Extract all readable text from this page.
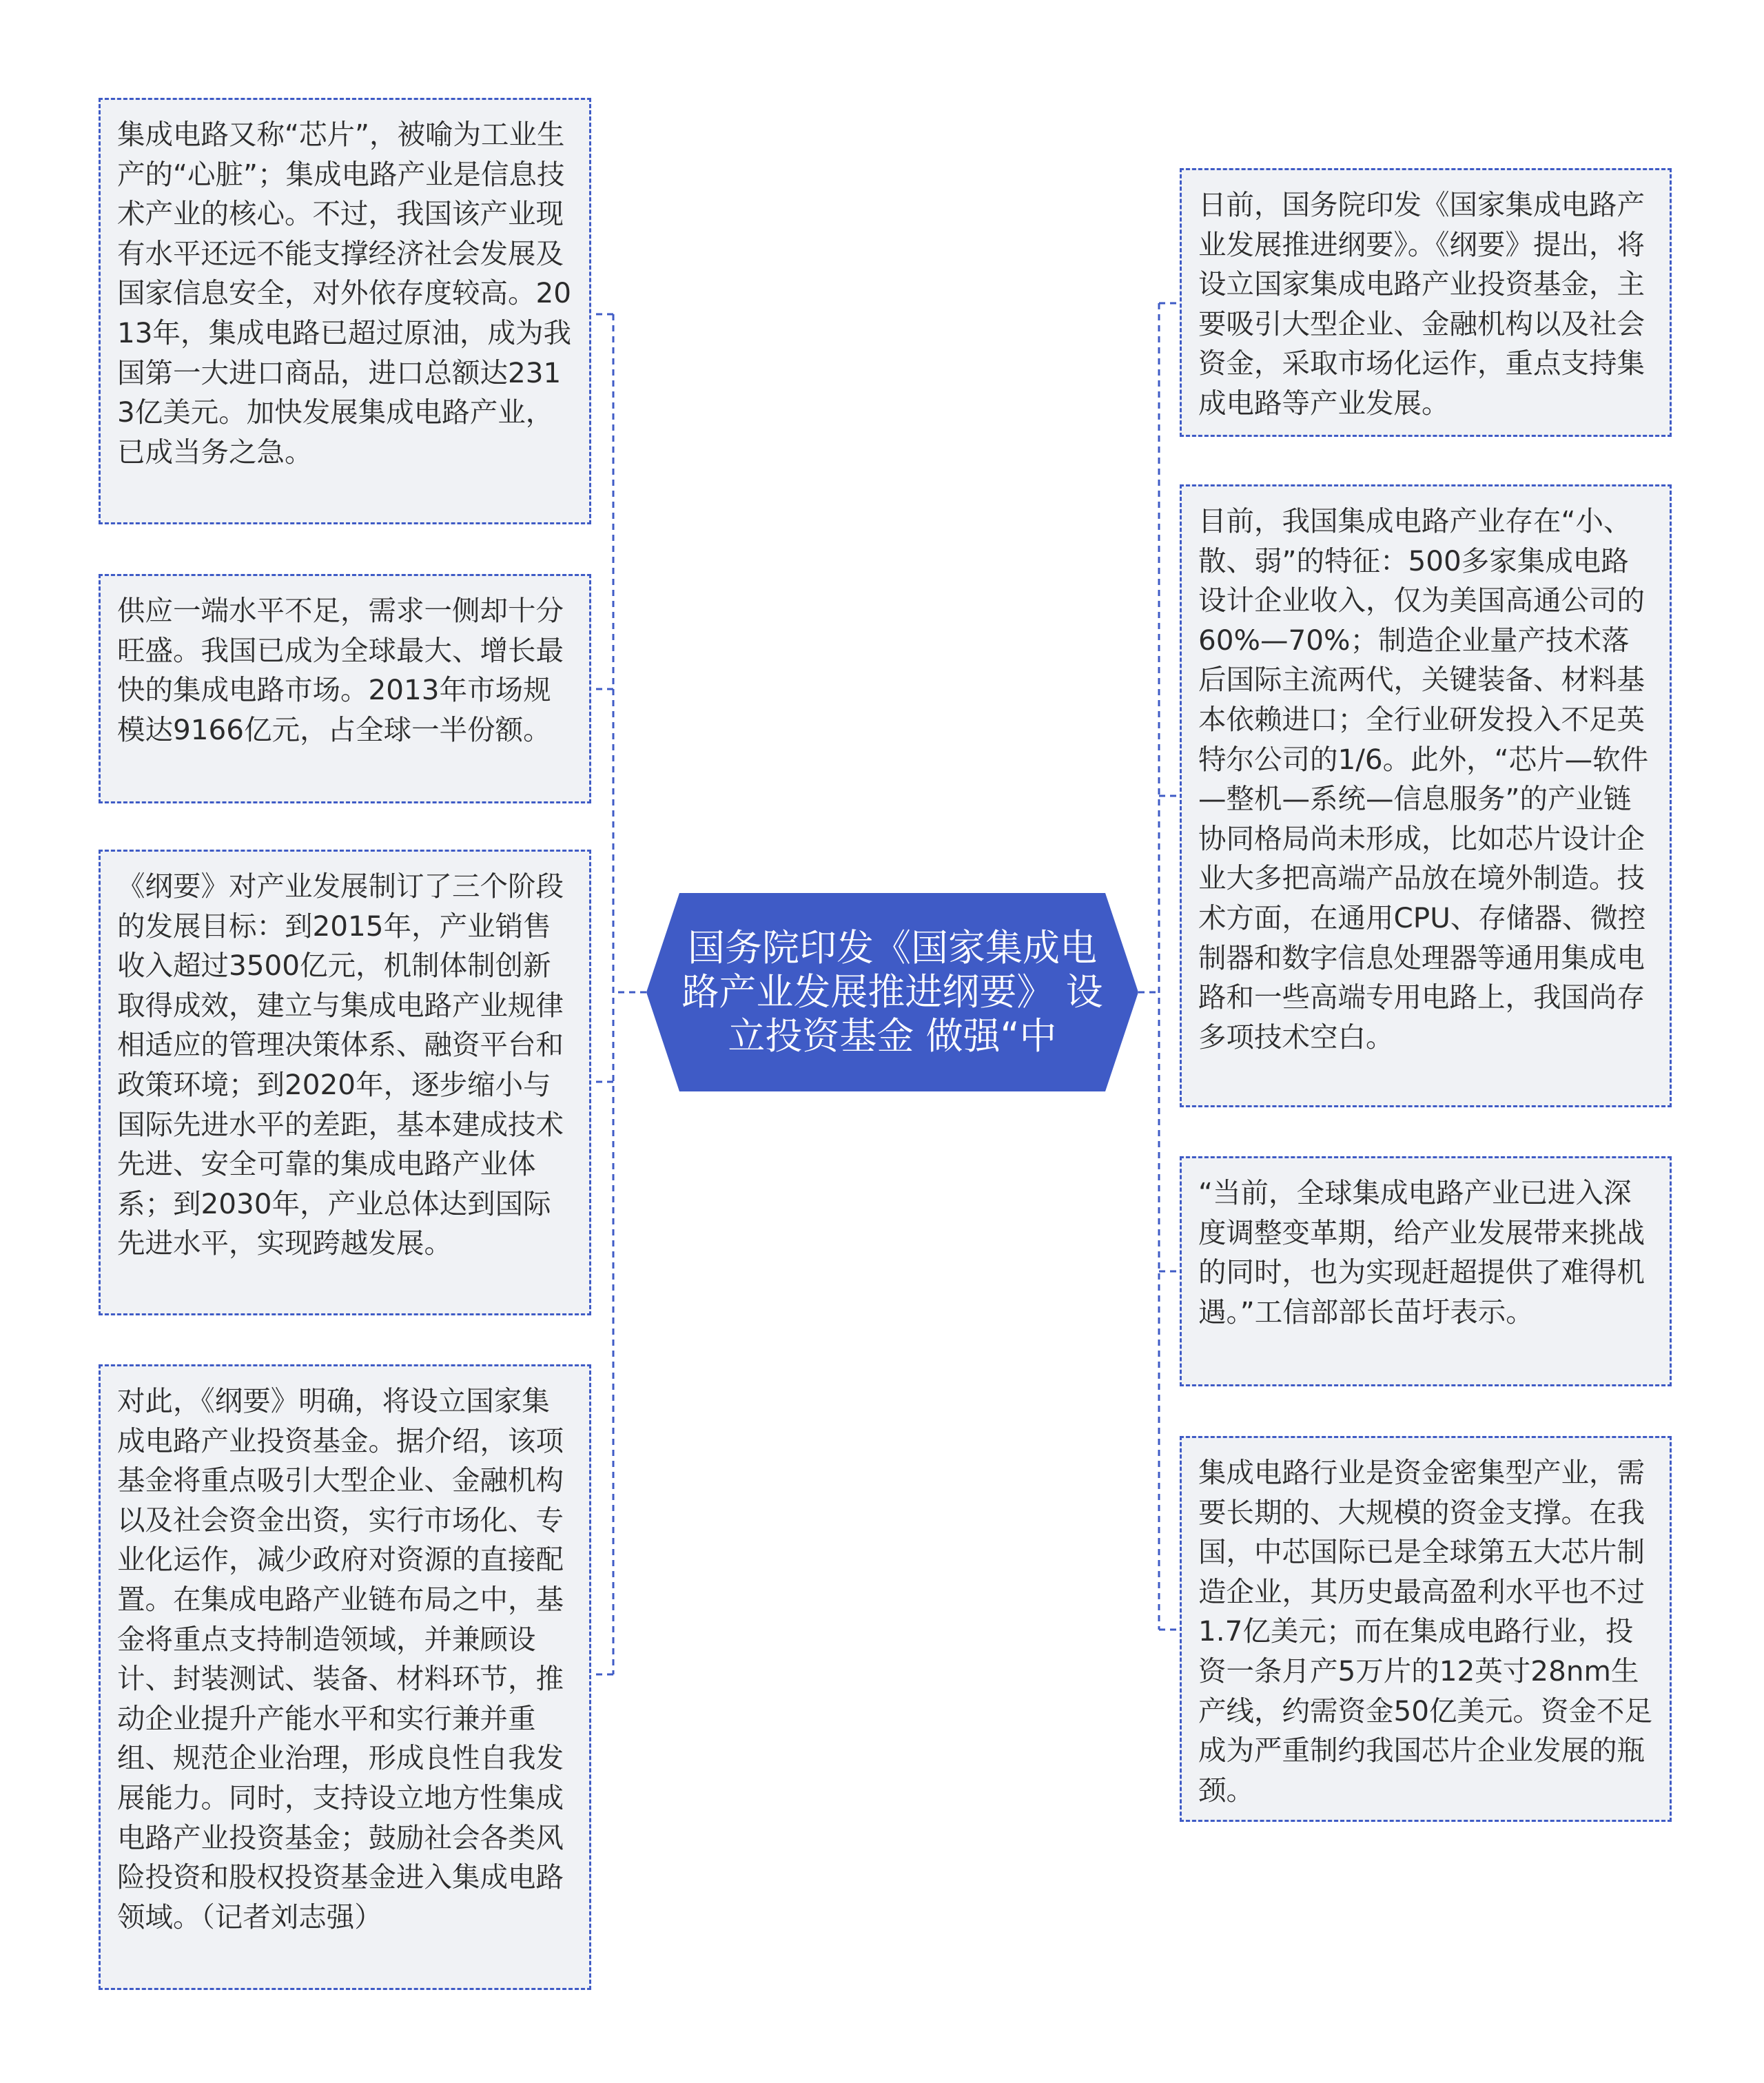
国务院印发《国家集成电路产业发展推进纲要》 设立投资基金 做强“中
集成电路又称“芯片”，被喻为工业生产的“心脏”；集成电路产业是信息技术产业的核心。不过，我国该产业现有水平还远不能支撑经济社会发展及国家信息安全，对外依存度较高。2013年，集成电路已超过原油，成为我国第一大进口商品，进口总额达2313亿美元。加快发展集成电路产业，已成当务之急。
供应一端水平不足，需求一侧却十分旺盛。我国已成为全球最大、增长最快的集成电路市场。2013年市场规模达9166亿元，占全球一半份额。
《纲要》对产业发展制订了三个阶段的发展目标：到2015年，产业销售收入超过3500亿元，机制体制创新取得成效，建立与集成电路产业规律相适应的管理决策体系、融资平台和政策环境；到2020年，逐步缩小与国际先进水平的差距，基本建成技术先进、安全可靠的集成电路产业体系；到2030年，产业总体达到国际先进水平，实现跨越发展。
对此，《纲要》明确，将设立国家集成电路产业投资基金。据介绍，该项基金将重点吸引大型企业、金融机构以及社会资金出资，实行市场化、专业化运作，减少政府对资源的直接配置。在集成电路产业链布局之中，基金将重点支持制造领域，并兼顾设计、封装测试、装备、材料环节，推动企业提升产能水平和实行兼并重组、规范企业治理，形成良性自我发展能力。同时，支持设立地方性集成电路产业投资基金；鼓励社会各类风险投资和股权投资基金进入集成电路领域。（记者刘志强）
日前，国务院印发《国家集成电路产业发展推进纲要》。《纲要》提出，将设立国家集成电路产业投资基金，主要吸引大型企业、金融机构以及社会资金，采取市场化运作，重点支持集成电路等产业发展。
目前，我国集成电路产业存在“小、散、弱”的特征：500多家集成电路设计企业收入，仅为美国高通公司的60%—70%；制造企业量产技术落后国际主流两代，关键装备、材料基本依赖进口；全行业研发投入不足英特尔公司的1/6。此外，“芯片—软件—整机—系统—信息服务”的产业链协同格局尚未形成，比如芯片设计企业大多把高端产品放在境外制造。技术方面，在通用CPU、存储器、微控制器和数字信息处理器等通用集成电路和一些高端专用电路上，我国尚存多项技术空白。
“当前，全球集成电路产业已进入深度调整变革期，给产业发展带来挑战的同时，也为实现赶超提供了难得机遇。”工信部部长苗圩表示。
集成电路行业是资金密集型产业，需要长期的、大规模的资金支撑。在我国，中芯国际已是全球第五大芯片制造企业，其历史最高盈利水平也不过1.7亿美元；而在集成电路行业，投资一条月产5万片的12英寸28nm生产线，约需资金50亿美元。资金不足成为严重制约我国芯片企业发展的瓶颈。
